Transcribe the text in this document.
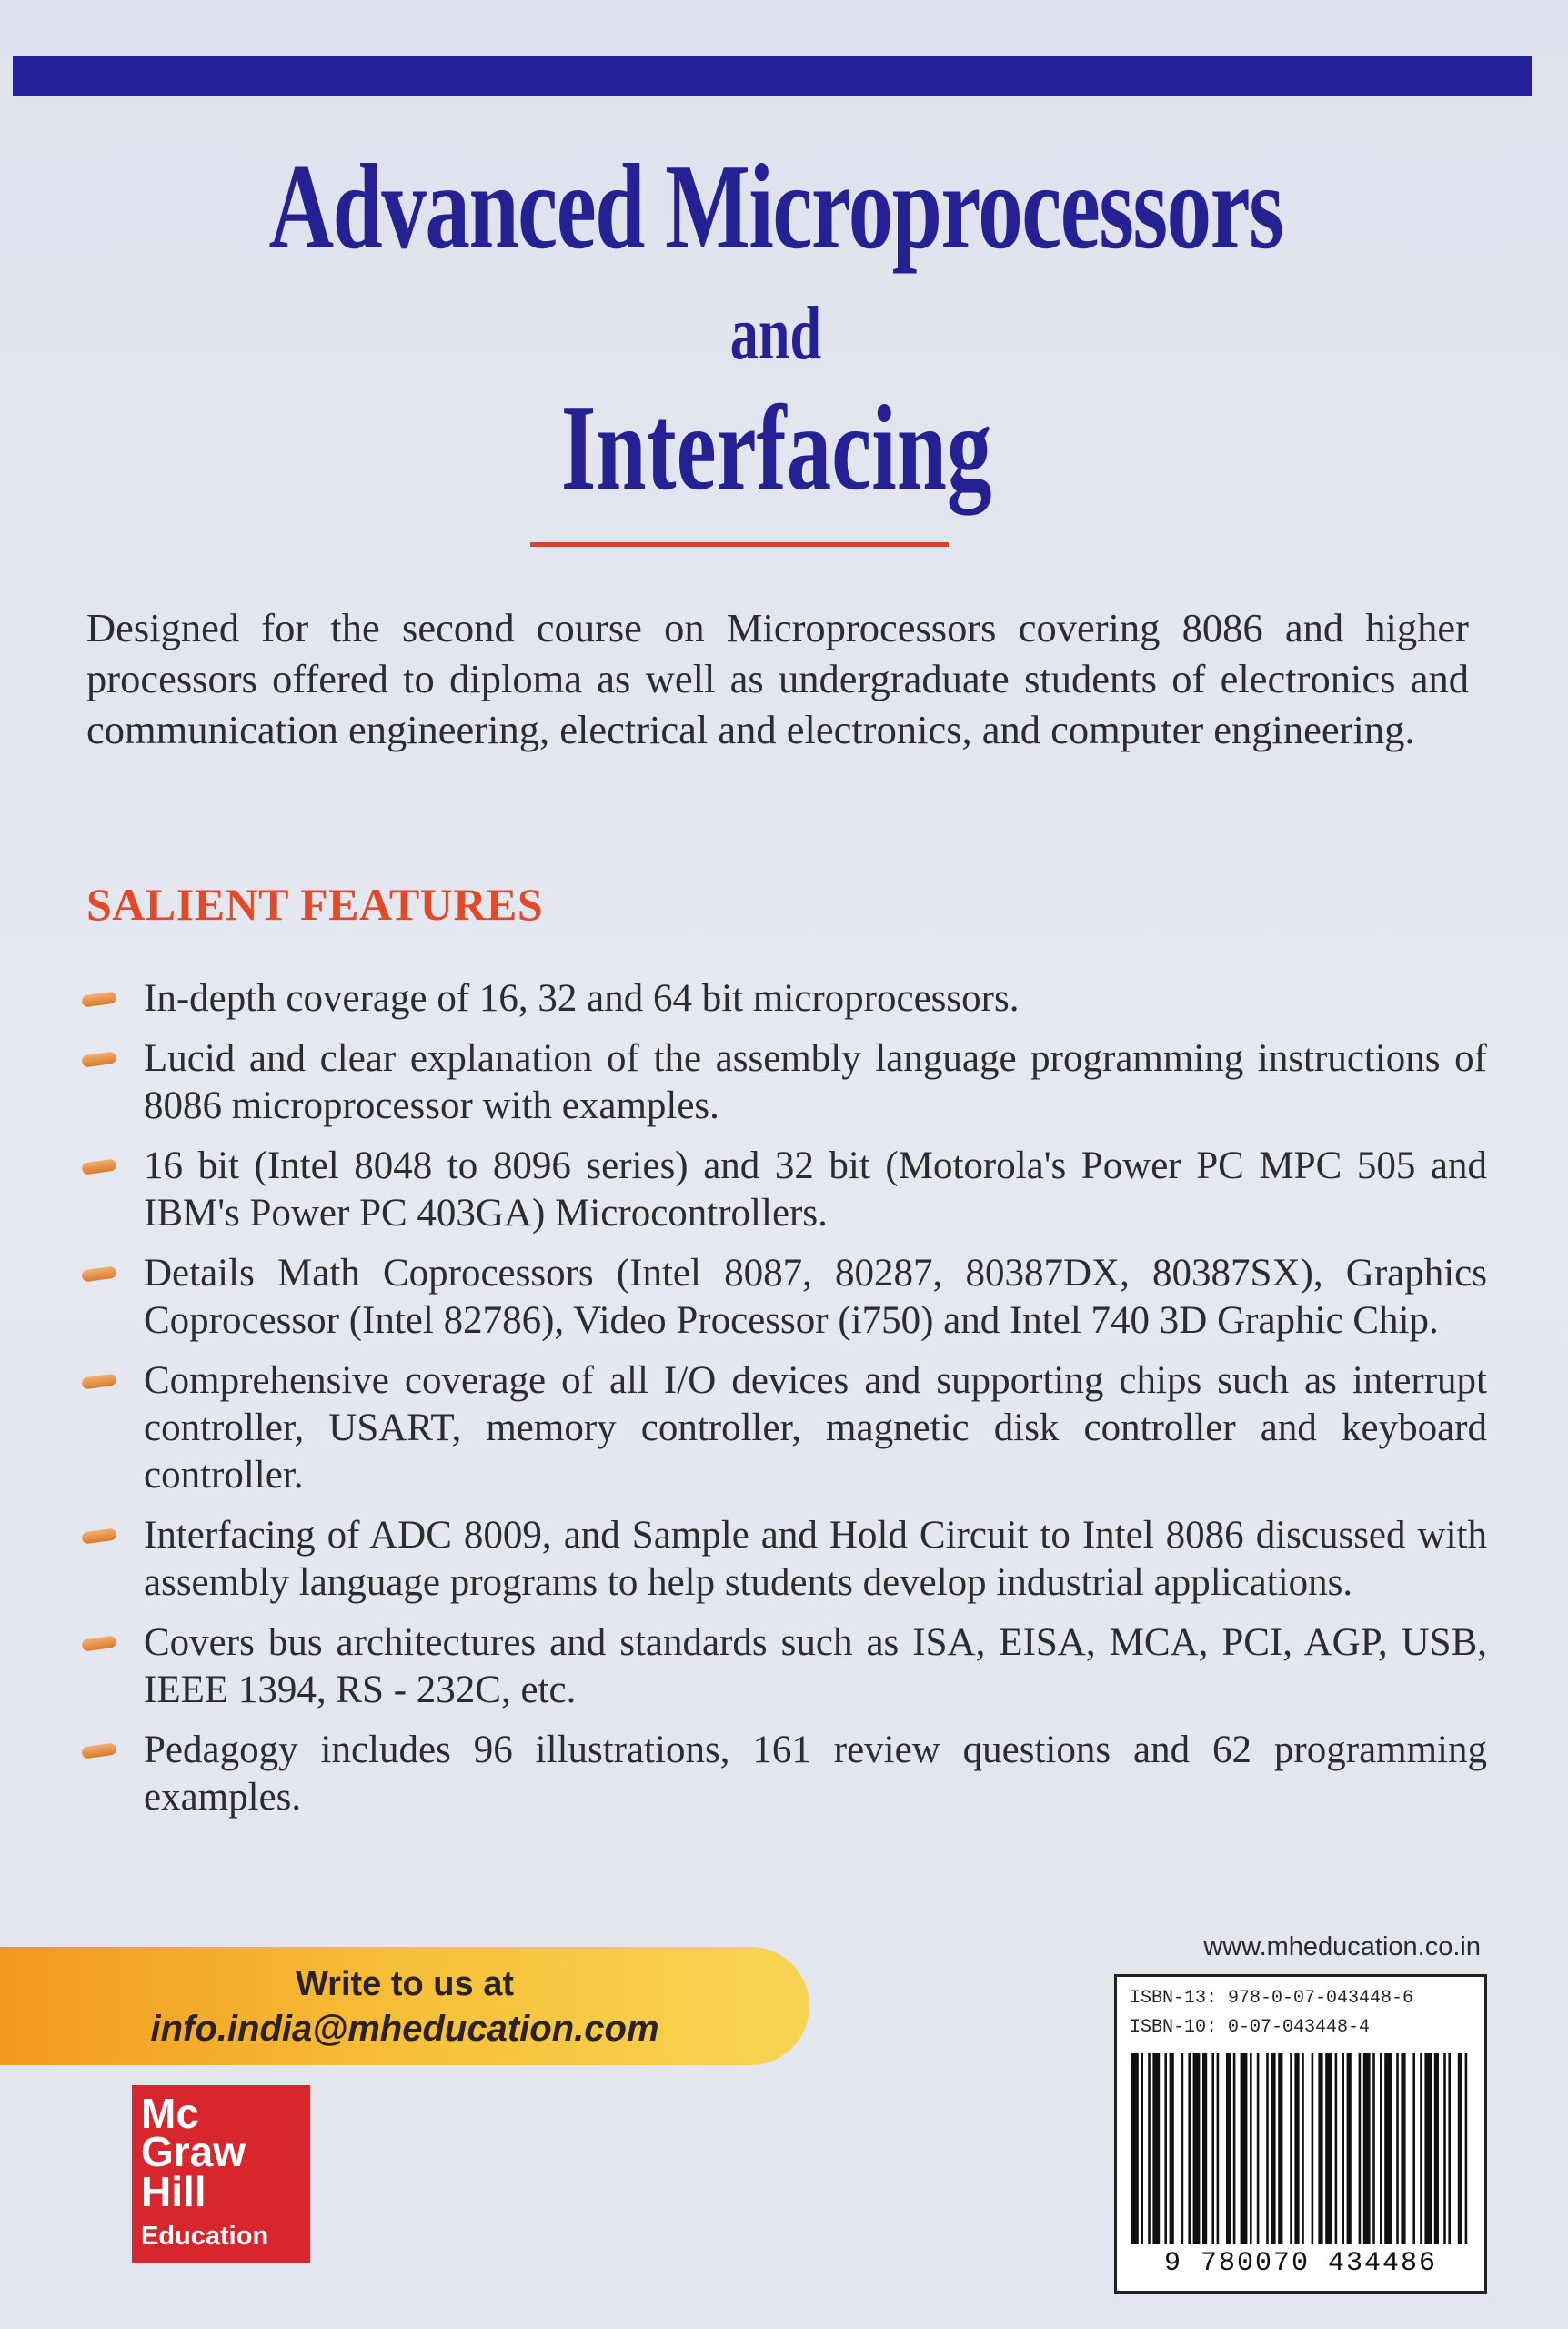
Advanced Microprocessors
and
Interfacing

Designed for the second course on Microprocessors covering 8086 and higher processors offered to diploma as well as undergraduate students of electronics and communication engineering, electrical and electronics, and computer engineering.

SALIENT FEATURES
In-depth coverage of 16, 32 and 64 bit microprocessors.
Lucid and clear explanation of the assembly language programming instructions of 8086 microprocessor with examples.
16 bit (Intel 8048 to 8096 series) and 32 bit (Motorola's Power PC MPC 505 and IBM's Power PC 403GA) Microcontrollers.
Details Math Coprocessors (Intel 8087, 80287, 80387DX, 80387SX), Graphics Coprocessor (Intel 82786), Video Processor (i750) and Intel 740 3D Graphic Chip.
Comprehensive coverage of all I/O devices and supporting chips such as interrupt controller, USART, memory controller, magnetic disk controller and keyboard controller.
Interfacing of ADC 8009, and Sample and Hold Circuit to Intel 8086 discussed with assembly language programs to help students develop industrial applications.
Covers bus architectures and standards such as ISA, EISA, MCA, PCI, AGP, USB, IEEE 1394, RS - 232C, etc.
Pedagogy includes 96 illustrations, 161 review questions and 62 programming examples.
Write to us at
info.india@mheducation.com
Mc
Graw
Hill
Education
www.mheducation.co.in
ISBN-13: 978-0-07-043448-6
ISBN-10: 0-07-043448-4
9 780070 434486
